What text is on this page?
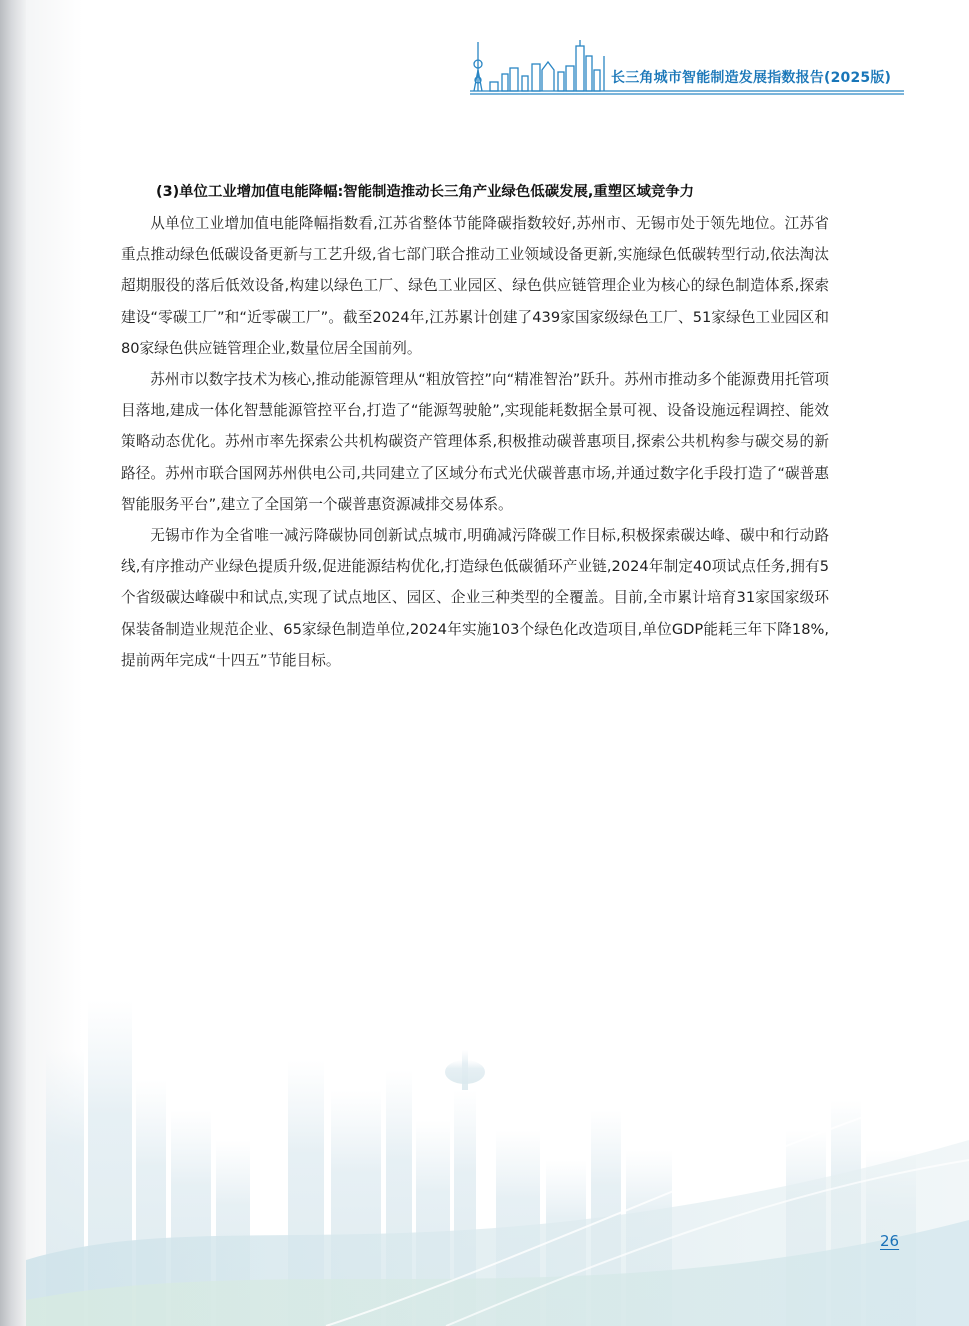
长三角城市智能制造发展指数报告(2025版)

(3)单位工业增加值电能降幅:智能制造推动长三角产业绿色低碳发展,重塑区域竞争力

从单位工业增加值电能降幅指数看,江苏省整体节能降碳指数较好,苏州市、无锡市处于领先地位。江苏省重点推动绿色低碳设备更新与工艺升级,省七部门联合推动工业领域设备更新,实施绿色低碳转型行动,依法淘汰超期服役的落后低效设备,构建以绿色工厂、绿色工业园区、绿色供应链管理企业为核心的绿色制造体系,探索建设“零碳工厂”和“近零碳工厂”。截至2024年,江苏累计创建了439家国家级绿色工厂、51家绿色工业园区和80家绿色供应链管理企业,数量位居全国前列。

苏州市以数字技术为核心,推动能源管理从“粗放管控”向“精准智治”跃升。苏州市推动多个能源费用托管项目落地,建成一体化智慧能源管控平台,打造了“能源驾驶舱”,实现能耗数据全景可视、设备设施远程调控、能效策略动态优化。苏州市率先探索公共机构碳资产管理体系,积极推动碳普惠项目,探索公共机构参与碳交易的新路径。苏州市联合国网苏州供电公司,共同建立了区域分布式光伏碳普惠市场,并通过数字化手段打造了“碳普惠智能服务平台”,建立了全国第一个碳普惠资源减排交易体系。

无锡市作为全省唯一减污降碳协同创新试点城市,明确减污降碳工作目标,积极探索碳达峰、碳中和行动路线,有序推动产业绿色提质升级,促进能源结构优化,打造绿色低碳循环产业链,2024年制定40项试点任务,拥有5个省级碳达峰碳中和试点,实现了试点地区、园区、企业三种类型的全覆盖。目前,全市累计培育31家国家级环保装备制造业规范企业、65家绿色制造单位,2024年实施103个绿色化改造项目,单位GDP能耗三年下降18%,提前两年完成“十四五”节能目标。

26
